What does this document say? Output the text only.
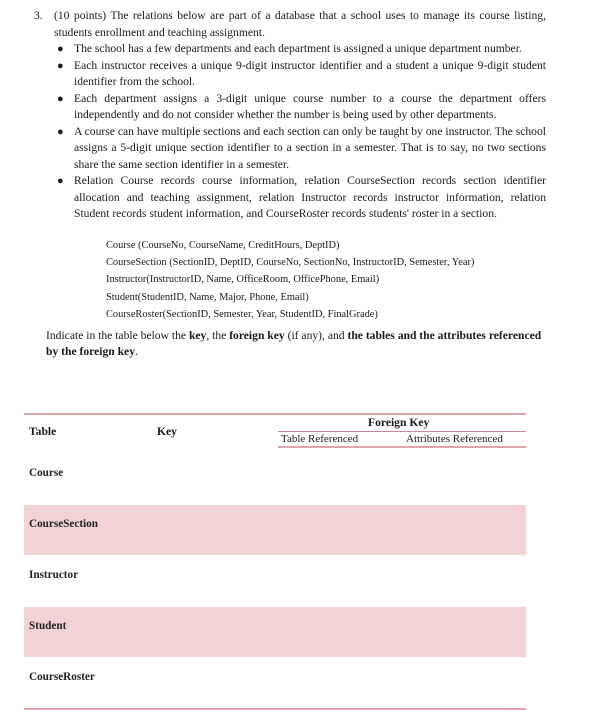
3. (10 points) The relations below are part of a database that a school uses to manage its course listing, students enrollment and teaching assignment.
● The school has a few departments and each department is assigned a unique department number.
● Each instructor receives a unique 9-digit instructor identifier and a student a unique 9-digit student identifier from the school.
● Each department assigns a 3-digit unique course number to a course the department offers independently and do not consider whether the number is being used by other departments.
● A course can have multiple sections and each section can only be taught by one instructor. The school assigns a 5-digit unique section identifier to a section in a semester. That is to say, no two sections share the same section identifier in a semester.
● Relation Course records course information, relation CourseSection records section identifier allocation and teaching assignment, relation Instructor records instructor information, relation Student records student information, and CourseRoster records students' roster in a section.
Course (CourseNo, CourseName, CreditHours, DeptID)
CourseSection (SectionID, DeptID, CourseNo, SectionNo, InstructorID, Semester, Year)
Instructor(InstructorID, Name, OfficeRoom, OfficePhone, Email)
Student(StudentID, Name, Major, Phone, Email)
CourseRoster(SectionID, Semester, Year, StudentID, FinalGrade)
Indicate in the table below the key, the foreign key (if any), and the tables and the attributes referenced by the foreign key.
Table	Key
Foreign Key
Table Referenced	Attributes Referenced
Course
CourseSection
Instructor
Student
CourseRoster
